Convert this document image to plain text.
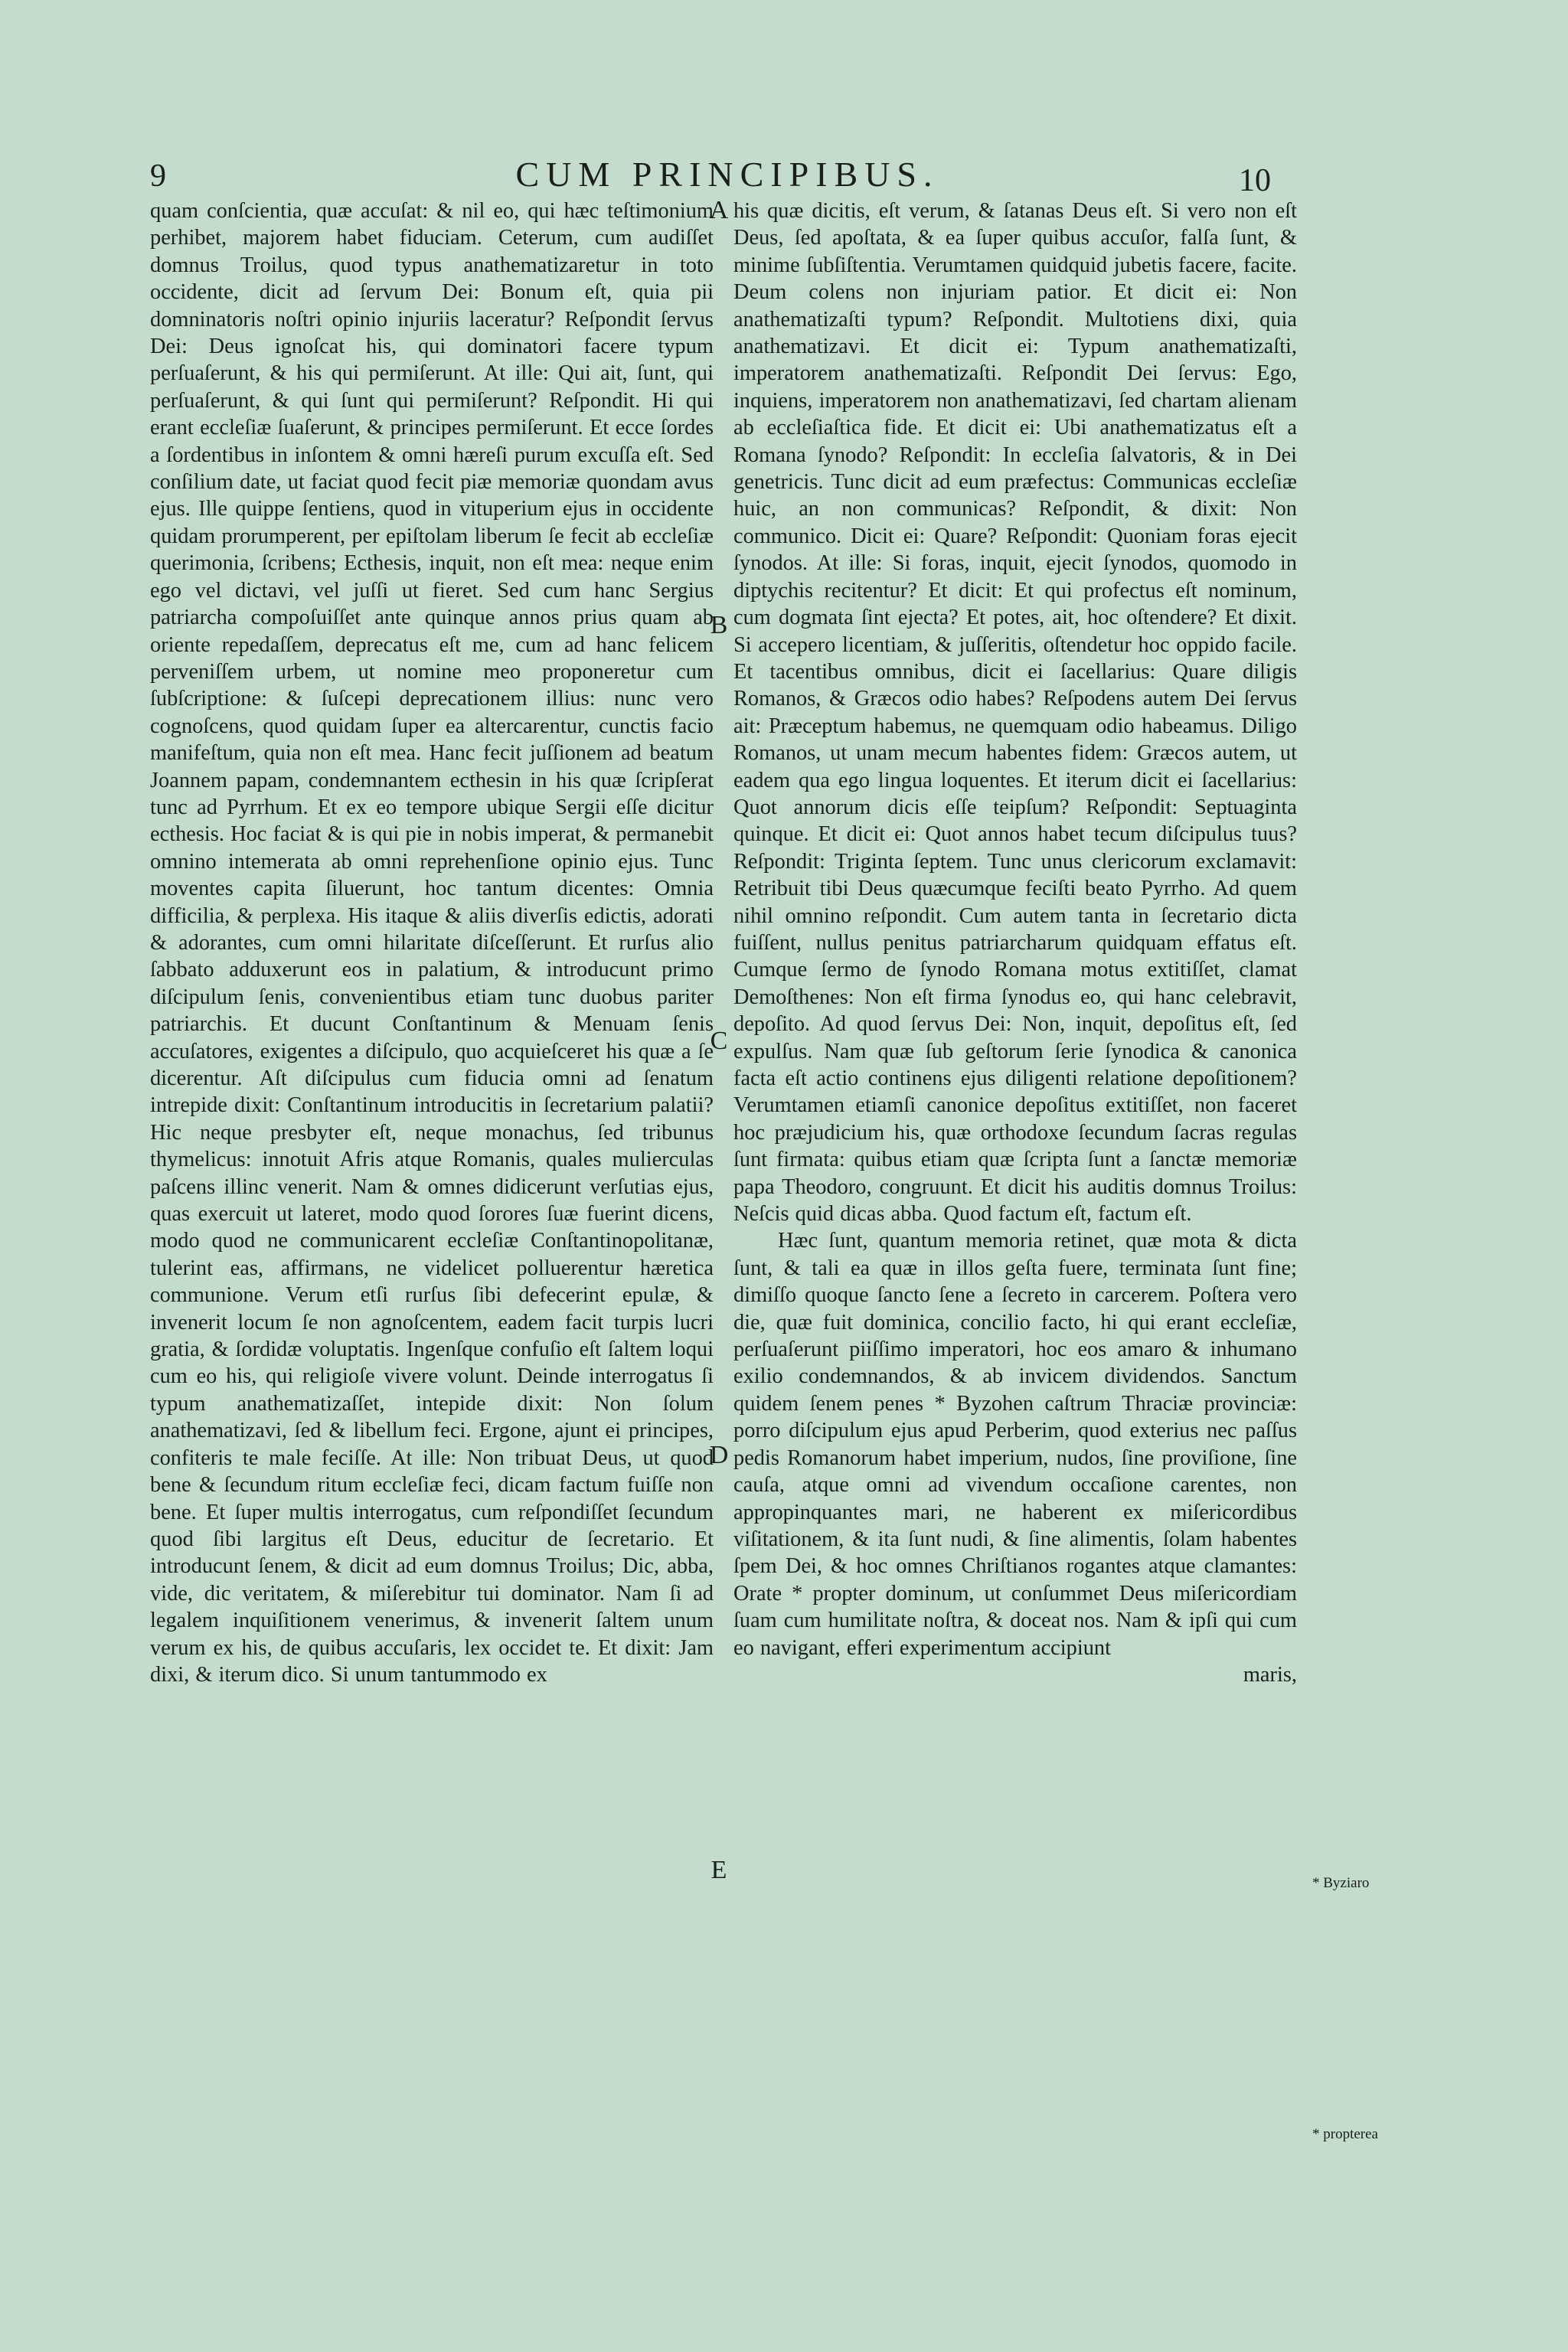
9	CUM PRINCIPIBUS.	10

quam conſcientia, quæ accuſat: & nil eo, qui hæc teſtimonium perhibet, majorem habet fiduciam. Ceterum, cum audiſſet domnus Troilus, quod typus anathematizaretur in toto occidente, dicit ad ſervum Dei: Bonum eſt, quia pii domninatoris noſtri opinio injuriis laceratur? Reſpondit ſervus Dei: Deus ignoſcat his, qui dominatori facere typum perſuaſerunt, & his qui permiſerunt. At ille: Qui ait, ſunt, qui perſuaſerunt, & qui ſunt qui permiſerunt? Reſpondit. Hi qui erant eccleſiæ ſuaſerunt, & principes permiſerunt. Et ecce ſordes a ſordentibus in inſontem & omni hæreſi purum excuſſa eſt. Sed conſilium date, ut faciat quod fecit piæ memoriæ quondam avus ejus. Ille quippe ſentiens, quod in vituperium ejus in occidente quidam prorumperent, per epiſtolam liberum ſe fecit ab eccleſiæ querimonia, ſcribens; Ecthesis, inquit, non eſt mea: neque enim ego vel dictavi, vel juſſi ut fieret. Sed cum hanc Sergius patriarcha compoſuiſſet ante quinque annos prius quam ab oriente repedaſſem, deprecatus eſt me, cum ad hanc felicem perveniſſem urbem, ut nomine meo proponeretur cum ſubſcriptione: & ſuſcepi deprecationem illius: nunc vero cognoſcens, quod quidam ſuper ea altercarentur, cunctis facio manifeſtum, quia non eſt mea. Hanc fecit juſſionem ad beatum Joannem papam, condemnantem ecthesin in his quæ ſcripſerat tunc ad Pyrrhum. Et ex eo tempore ubique Sergii eſſe dicitur ecthesis. Hoc faciat & is qui pie in nobis imperat, & permanebit omnino intemerata ab omni reprehenſione opinio ejus. Tunc moventes capita ſiluerunt, hoc tantum dicentes: Omnia difficilia, & perplexa. His itaque & aliis diverſis edictis, adorati & adorantes, cum omni hilaritate diſceſſerunt. Et rurſus alio ſabbato adduxerunt eos in palatium, & introducunt primo diſcipulum ſenis, convenientibus etiam tunc duobus pariter patriarchis. Et ducunt Conſtantinum & Menuam ſenis accuſatores, exigentes a diſcipulo, quo acquieſceret his quæ a ſe dicerentur. Aſt diſcipulus cum fiducia omni ad ſenatum intrepide dixit: Conſtantinum introducitis in ſecretarium palatii? Hic neque presbyter eſt, neque monachus, ſed tribunus thymelicus: innotuit Afris atque Romanis, quales mulierculas paſcens illinc venerit. Nam & omnes didicerunt verſutias ejus, quas exercuit ut lateret, modo quod ſorores ſuæ fuerint dicens, modo quod ne communicarent eccleſiæ Conſtantinopolitanæ, tulerint eas, affirmans, ne videlicet polluerentur hæretica communione. Verum etſi rurſus ſibi defecerint epulæ, & invenerit locum ſe non agnoſcentem, eadem facit turpis lucri gratia, & ſordidæ voluptatis. Ingenſque confuſio eſt ſaltem loqui cum eo his, qui religioſe vivere volunt. Deinde interrogatus ſi typum anathematizaſſet, intepide dixit: Non ſolum anathematizavi, ſed & libellum feci. Ergone, ajunt ei principes, confiteris te male feciſſe. At ille: Non tribuat Deus, ut quod bene & ſecundum ritum eccleſiæ feci, dicam factum fuiſſe non bene. Et ſuper multis interrogatus, cum reſpondiſſet ſecundum quod ſibi largitus eſt Deus, educitur de ſecretario. Et introducunt ſenem, & dicit ad eum domnus Troilus; Dic, abba, vide, dic veritatem, & miſerebitur tui dominator. Nam ſi ad legalem inquiſitionem venerimus, & invenerit ſaltem unum verum ex his, de quibus accuſaris, lex occidet te. Et dixit: Jam dixi, & iterum dico. Si unum tantummodo ex

his quæ dicitis, eſt verum, & ſatanas Deus eſt. Si vero non eſt Deus, ſed apoſtata, & ea ſuper quibus accuſor, falſa ſunt, & minime ſubſiſtentia. Verumtamen quidquid jubetis facere, facite. Deum colens non injuriam patior. Et dicit ei: Non anathematizaſti typum? Reſpondit. Multotiens dixi, quia anathematizavi. Et dicit ei: Typum anathematizaſti, imperatorem anathematizaſti. Reſpondit Dei ſervus: Ego, inquiens, imperatorem non anathematizavi, ſed chartam alienam ab eccleſiaſtica fide. Et dicit ei: Ubi anathematizatus eſt a Romana ſynodo? Reſpondit: In eccleſia ſalvatoris, & in Dei genetricis. Tunc dicit ad eum præfectus: Communicas eccleſiæ huic, an non communicas? Reſpondit, & dixit: Non communico. Dicit ei: Quare? Reſpondit: Quoniam foras ejecit ſynodos. At ille: Si foras, inquit, ejecit ſynodos, quomodo in diptychis recitentur? Et dicit: Et qui profectus eſt nominum, cum dogmata ſint ejecta? Et potes, ait, hoc oſtendere? Et dixit. Si accepero licentiam, & juſſeritis, oſtendetur hoc oppido facile. Et tacentibus omnibus, dicit ei ſacellarius: Quare diligis Romanos, & Græcos odio habes? Reſpodens autem Dei ſervus ait: Præceptum habemus, ne quemquam odio habeamus. Diligo Romanos, ut unam mecum habentes fidem: Græcos autem, ut eadem qua ego lingua loquentes. Et iterum dicit ei ſacellarius: Quot annorum dicis eſſe teipſum? Reſpondit: Septuaginta quinque. Et dicit ei: Quot annos habet tecum diſcipulus tuus? Reſpondit: Triginta ſeptem. Tunc unus clericorum exclamavit: Retribuit tibi Deus quæcumque feciſti beato Pyrrho. Ad quem nihil omnino reſpondit. Cum autem tanta in ſecretario dicta fuiſſent, nullus penitus patriarcharum quidquam effatus eſt. Cumque ſermo de ſynodo Romana motus extitiſſet, clamat Demoſthenes: Non eſt firma ſynodus eo, qui hanc celebravit, depoſito. Ad quod ſervus Dei: Non, inquit, depoſitus eſt, ſed expulſus. Nam quæ ſub geſtorum ſerie ſynodica & canonica facta eſt actio continens ejus diligenti relatione depoſitionem? Verumtamen etiamſi canonice depoſitus extitiſſet, non faceret hoc præjudicium his, quæ orthodoxe ſecundum ſacras regulas ſunt firmata: quibus etiam quæ ſcripta ſunt a ſanctæ memoriæ papa Theodoro, congruunt. Et dicit his auditis domnus Troilus: Neſcis quid dicas abba. Quod factum eſt, factum eſt.

Hæc ſunt, quantum memoria retinet, quæ mota & dicta ſunt, & tali ea quæ in illos geſta fuere, terminata ſunt fine; dimiſſo quoque ſancto ſene a ſecreto in carcerem. Poſtera vero die, quæ fuit dominica, concilio facto, hi qui erant eccleſiæ, perſuaſerunt piiſſimo imperatori, hoc eos amaro & inhumano exilio condemnandos, & ab invicem dividendos. Sanctum quidem ſenem penes * Byzohen caſtrum Thraciæ provinciæ: porro diſcipulum ejus apud Perberim, quod exterius nec paſſus pedis Romanorum habet imperium, nudos, ſine proviſione, ſine cauſa, atque omni ad vivendum occaſione carentes, non appropinquantes mari, ne haberent ex miſericordibus viſitationem, & ita ſunt nudi, & ſine alimentis, ſolam habentes ſpem Dei, & hoc omnes Chriſtianos rogantes atque clamantes: Orate * propter dominum, ut conſummet Deus miſericordiam ſuam cum humilitate noſtra, & doceat nos. Nam & ipſi qui cum eo navigant, efferi experimentum accipiunt

maris,

A
B
C
D
E	* Byziaro
* propterea
